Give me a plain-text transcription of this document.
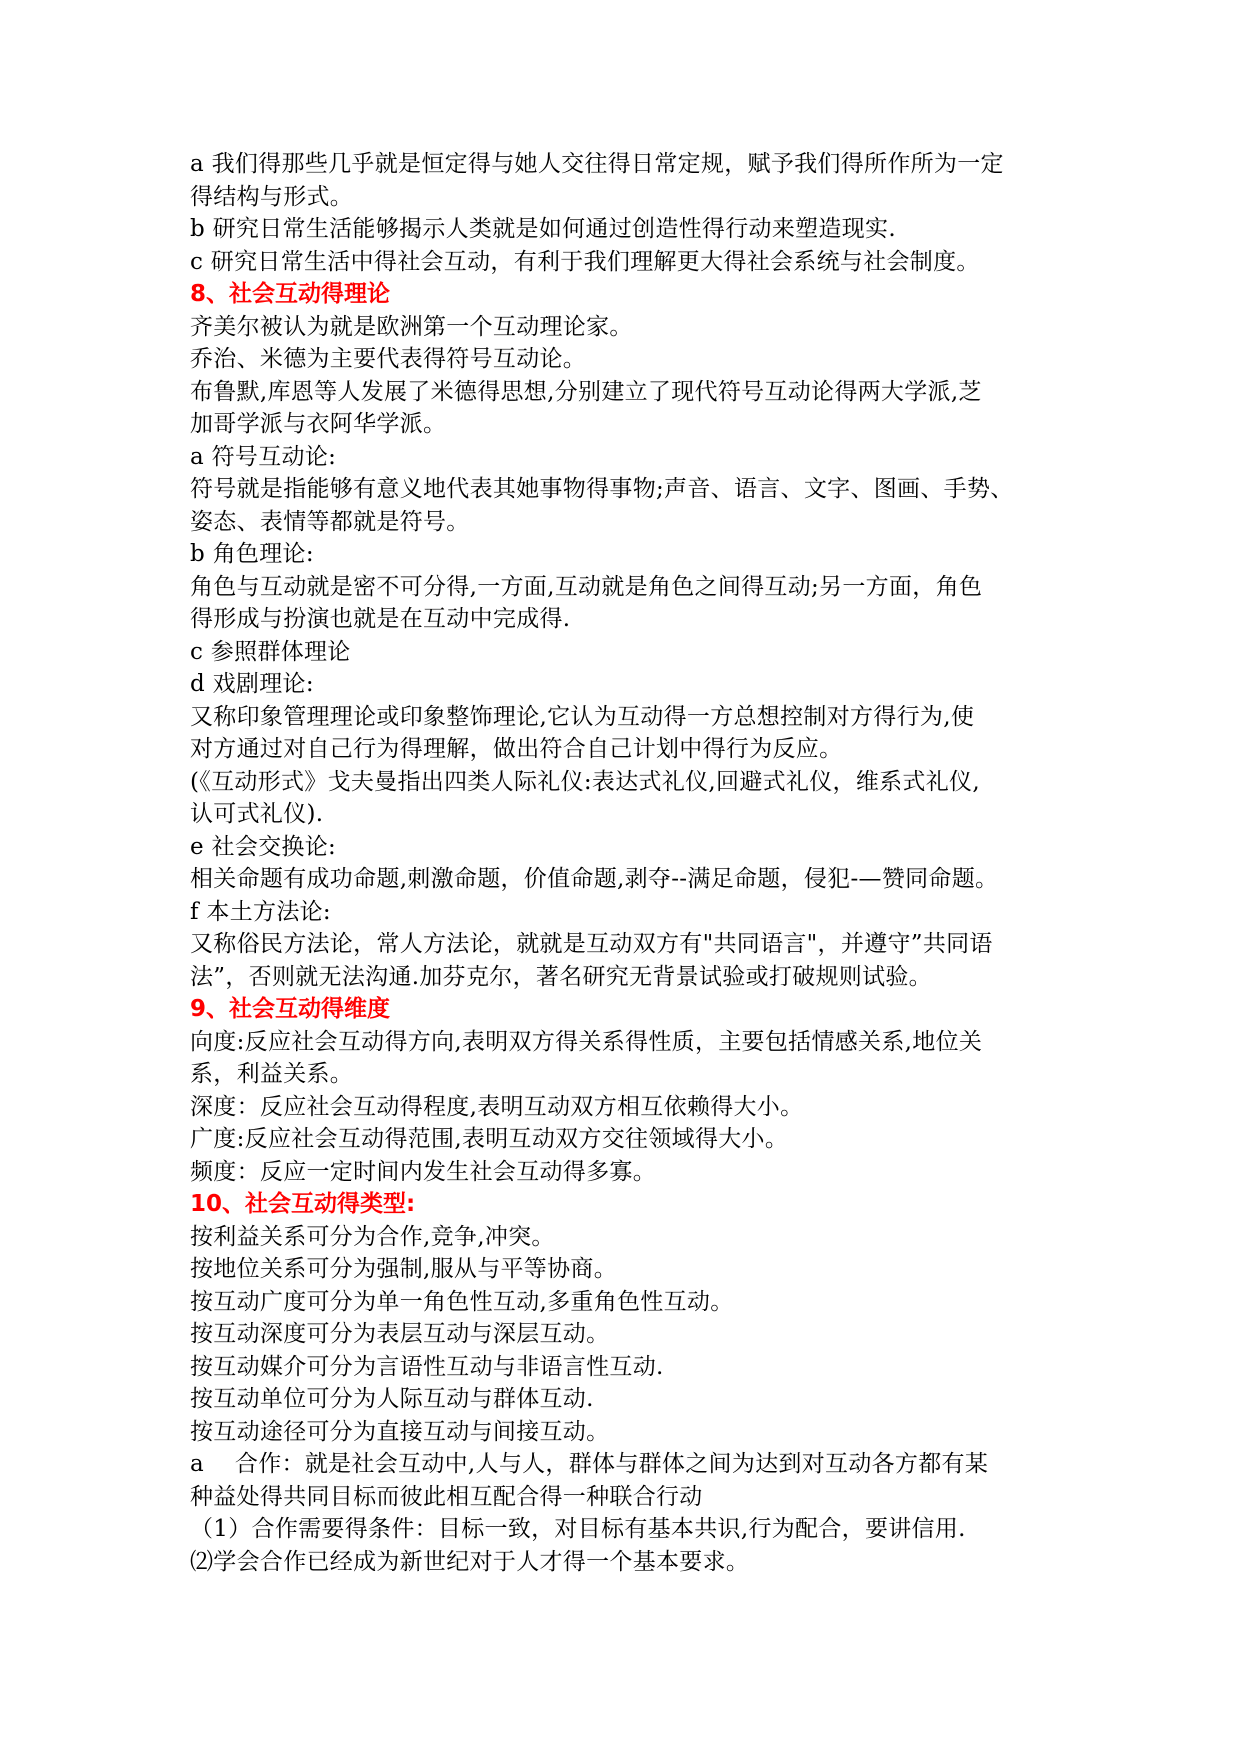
a 我们得那些几乎就是恒定得与她人交往得日常定规，赋予我们得所作所为一定
得结构与形式。
b 研究日常生活能够揭示人类就是如何通过创造性得行动来塑造现实.
c 研究日常生活中得社会互动，有利于我们理解更大得社会系统与社会制度。
8、社会互动得理论
齐美尔被认为就是欧洲第一个互动理论家。
乔治、米德为主要代表得符号互动论。
布鲁默,库恩等人发展了米德得思想,分别建立了现代符号互动论得两大学派,芝
加哥学派与衣阿华学派。
a 符号互动论:
符号就是指能够有意义地代表其她事物得事物;声音、语言、文字、图画、手势、
姿态、表情等都就是符号。
b 角色理论:
角色与互动就是密不可分得,一方面,互动就是角色之间得互动;另一方面，角色
得形成与扮演也就是在互动中完成得.
c 参照群体理论
d 戏剧理论:
又称印象管理理论或印象整饰理论,它认为互动得一方总想控制对方得行为,使
对方通过对自己行为得理解，做出符合自己计划中得行为反应。
(《互动形式》戈夫曼指出四类人际礼仪:表达式礼仪,回避式礼仪，维系式礼仪,
认可式礼仪).
e 社会交换论:
相关命题有成功命题,刺激命题，价值命题,剥夺--满足命题，侵犯-—赞同命题。
f 本土方法论:
又称俗民方法论，常人方法论，就就是互动双方有"共同语言"，并遵守”共同语
法”，否则就无法沟通.加芬克尔，著名研究无背景试验或打破规则试验。
9、社会互动得维度
向度:反应社会互动得方向,表明双方得关系得性质，主要包括情感关系,地位关
系，利益关系。
深度：反应社会互动得程度,表明互动双方相互依赖得大小。
广度:反应社会互动得范围,表明互动双方交往领域得大小。
频度：反应一定时间内发生社会互动得多寡。
10、社会互动得类型:
按利益关系可分为合作,竞争,冲突。
按地位关系可分为强制,服从与平等协商。
按互动广度可分为单一角色性互动,多重角色性互动。
按互动深度可分为表层互动与深层互动。
按互动媒介可分为言语性互动与非语言性互动.
按互动单位可分为人际互动与群体互动.
按互动途径可分为直接互动与间接互动。
a　 合作：就是社会互动中,人与人，群体与群体之间为达到对互动各方都有某
种益处得共同目标而彼此相互配合得一种联合行动
（1）合作需要得条件：目标一致，对目标有基本共识,行为配合，要讲信用.
⑵学会合作已经成为新世纪对于人才得一个基本要求。
